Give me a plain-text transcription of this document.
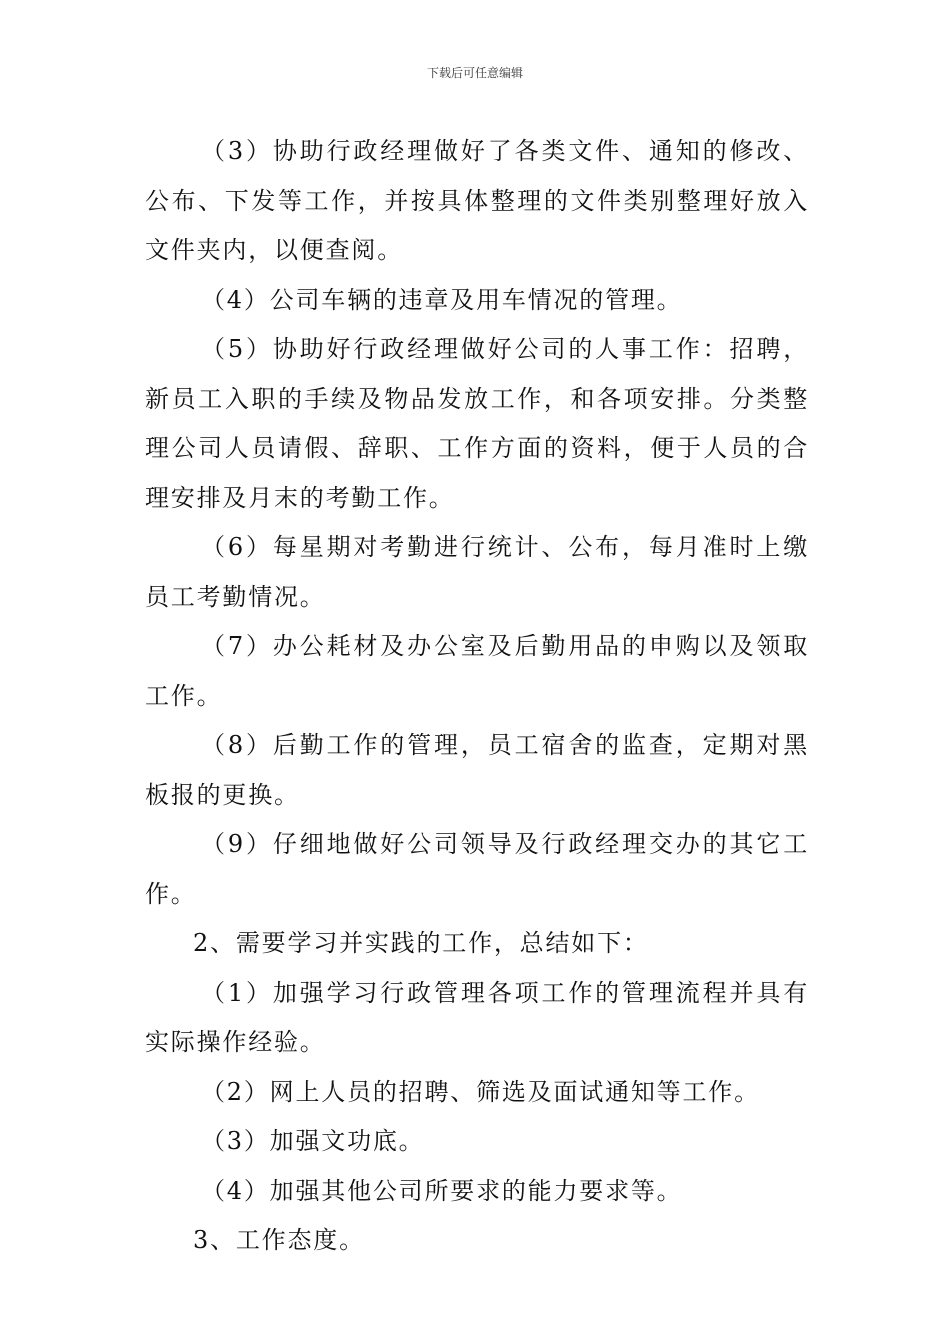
下载后可任意编辑

（3）协助行政经理做好了各类文件、通知的修改、公布、下发等工作，并按具体整理的文件类别整理好放入文件夹内，以便查阅。

（4）公司车辆的违章及用车情况的管理。

（5）协助好行政经理做好公司的人事工作：招聘，新员工入职的手续及物品发放工作，和各项安排。分类整理公司人员请假、辞职、工作方面的资料，便于人员的合理安排及月末的考勤工作。

（6）每星期对考勤进行统计、公布，每月准时上缴员工考勤情况。

（7）办公耗材及办公室及后勤用品的申购以及领取工作。

（8）后勤工作的管理，员工宿舍的监查，定期对黑板报的更换。

（9）仔细地做好公司领导及行政经理交办的其它工作。

2、需要学习并实践的工作，总结如下：

（1）加强学习行政管理各项工作的管理流程并具有实际操作经验。

（2）网上人员的招聘、筛选及面试通知等工作。

（3）加强文功底。

（4）加强其他公司所要求的能力要求等。

3、工作态度。
